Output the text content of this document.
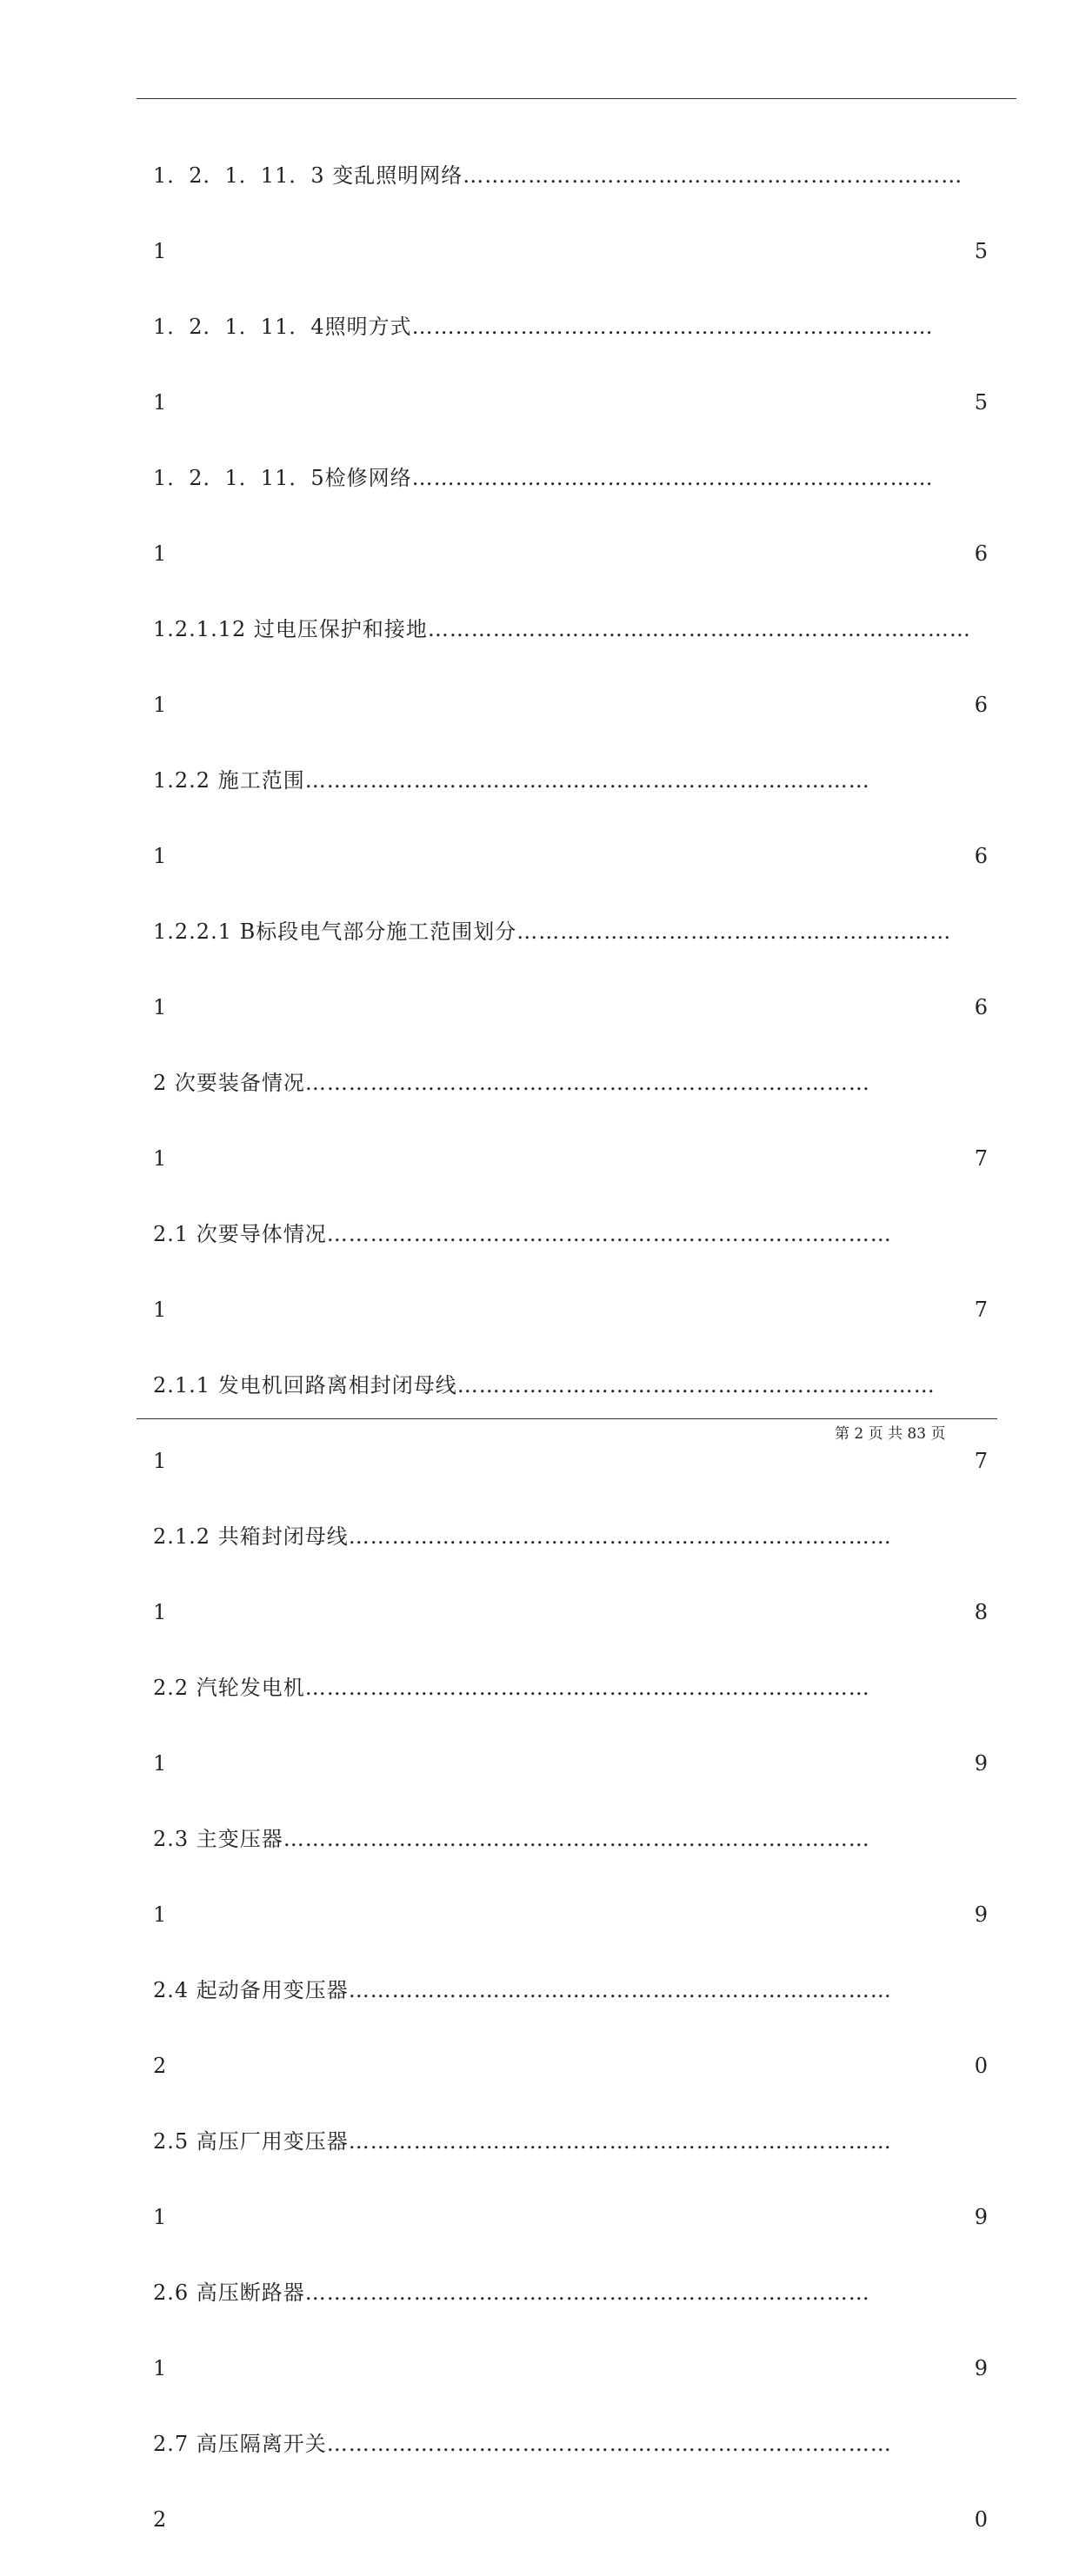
1．2．1．11．3 变乱照明网络……………………………………………………………
1	5
1．2．1．11．4照明方式………………………………………………………………
1	5
1．2．1．11．5检修网络………………………………………………………………
1	6
1.2.1.12 过电压保护和接地…………………………………………………………………
1	6
1.2.2 施工范围……………………………………………………………………
1	6
1.2.2.1 B标段电气部分施工范围划分……………………………………………………
1	6
2 次要装备情况……………………………………………………………………
1	7
2.1 次要导体情况……………………………………………………………………
1	7
2.1.1 发电机回路离相封闭母线…………………………………………………………
1	7
2.1.2 共箱封闭母线…………………………………………………………………
1	8
2.2 汽轮发电机……………………………………………………………………
1	9
2.3 主变压器………………………………………………………………………
1	9
2.4 起动备用变压器…………………………………………………………………
2	0
2.5 高压厂用变压器…………………………………………………………………
1	9
2.6 高压断路器……………………………………………………………………
1	9
2.7 高压隔离开关……………………………………………………………………
2	0
第 2 页 共 83 页
